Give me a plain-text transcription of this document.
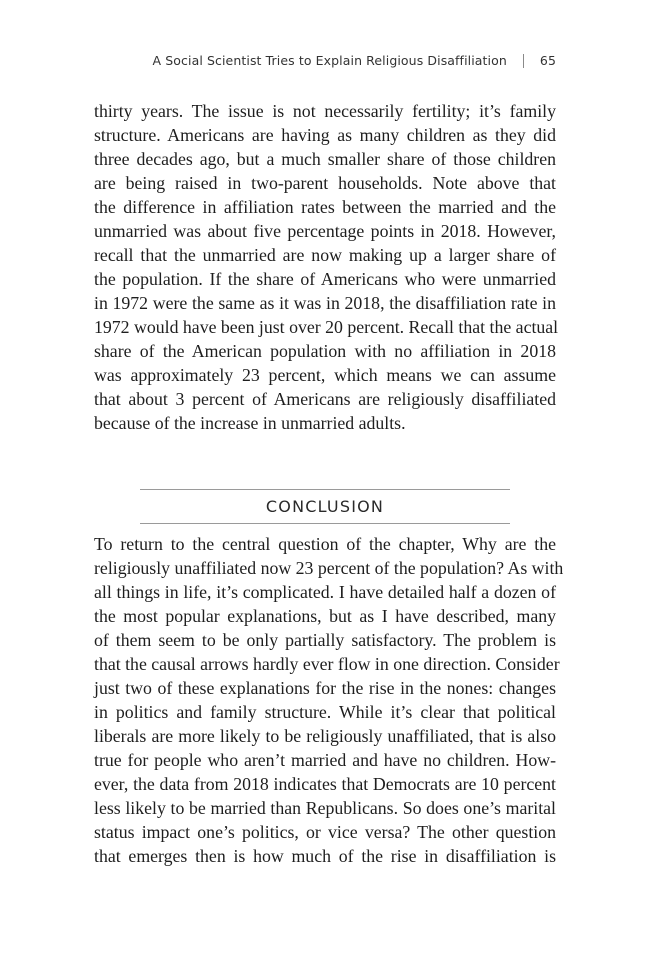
A Social Scientist Tries to Explain Religious Disaffiliation	65
thirty years. The issue is not necessarily fertility; it’s family
structure. Americans are having as many children as they did
three decades ago, but a much smaller share of those children
are being raised in two-parent households. Note above that
the difference in affiliation rates between the married and the
unmarried was about five percentage points in 2018. However,
recall that the unmarried are now making up a larger share of
the population. If the share of Americans who were unmarried
in 1972 were the same as it was in 2018, the disaffiliation rate in
1972 would have been just over 20 percent. Recall that the actual
share of the American population with no affiliation in 2018
was approximately 23 percent, which means we can assume
that about 3 percent of Americans are religiously disaffiliated
because of the increase in unmarried adults.
CONCLUSION
To return to the central question of the chapter, Why are the
religiously unaffiliated now 23 percent of the population? As with
all things in life, it’s complicated. I have detailed half a dozen of
the most popular explanations, but as I have described, many
of them seem to be only partially satisfactory. The problem is
that the causal arrows hardly ever flow in one direction. Consider
just two of these explanations for the rise in the nones: changes
in politics and family structure. While it’s clear that political
liberals are more likely to be religiously unaffiliated, that is also
true for people who aren’t married and have no children. How-
ever, the data from 2018 indicates that Democrats are 10 percent
less likely to be married than Republicans. So does one’s marital
status impact one’s politics, or vice versa? The other question
that emerges then is how much of the rise in disaffiliation is
